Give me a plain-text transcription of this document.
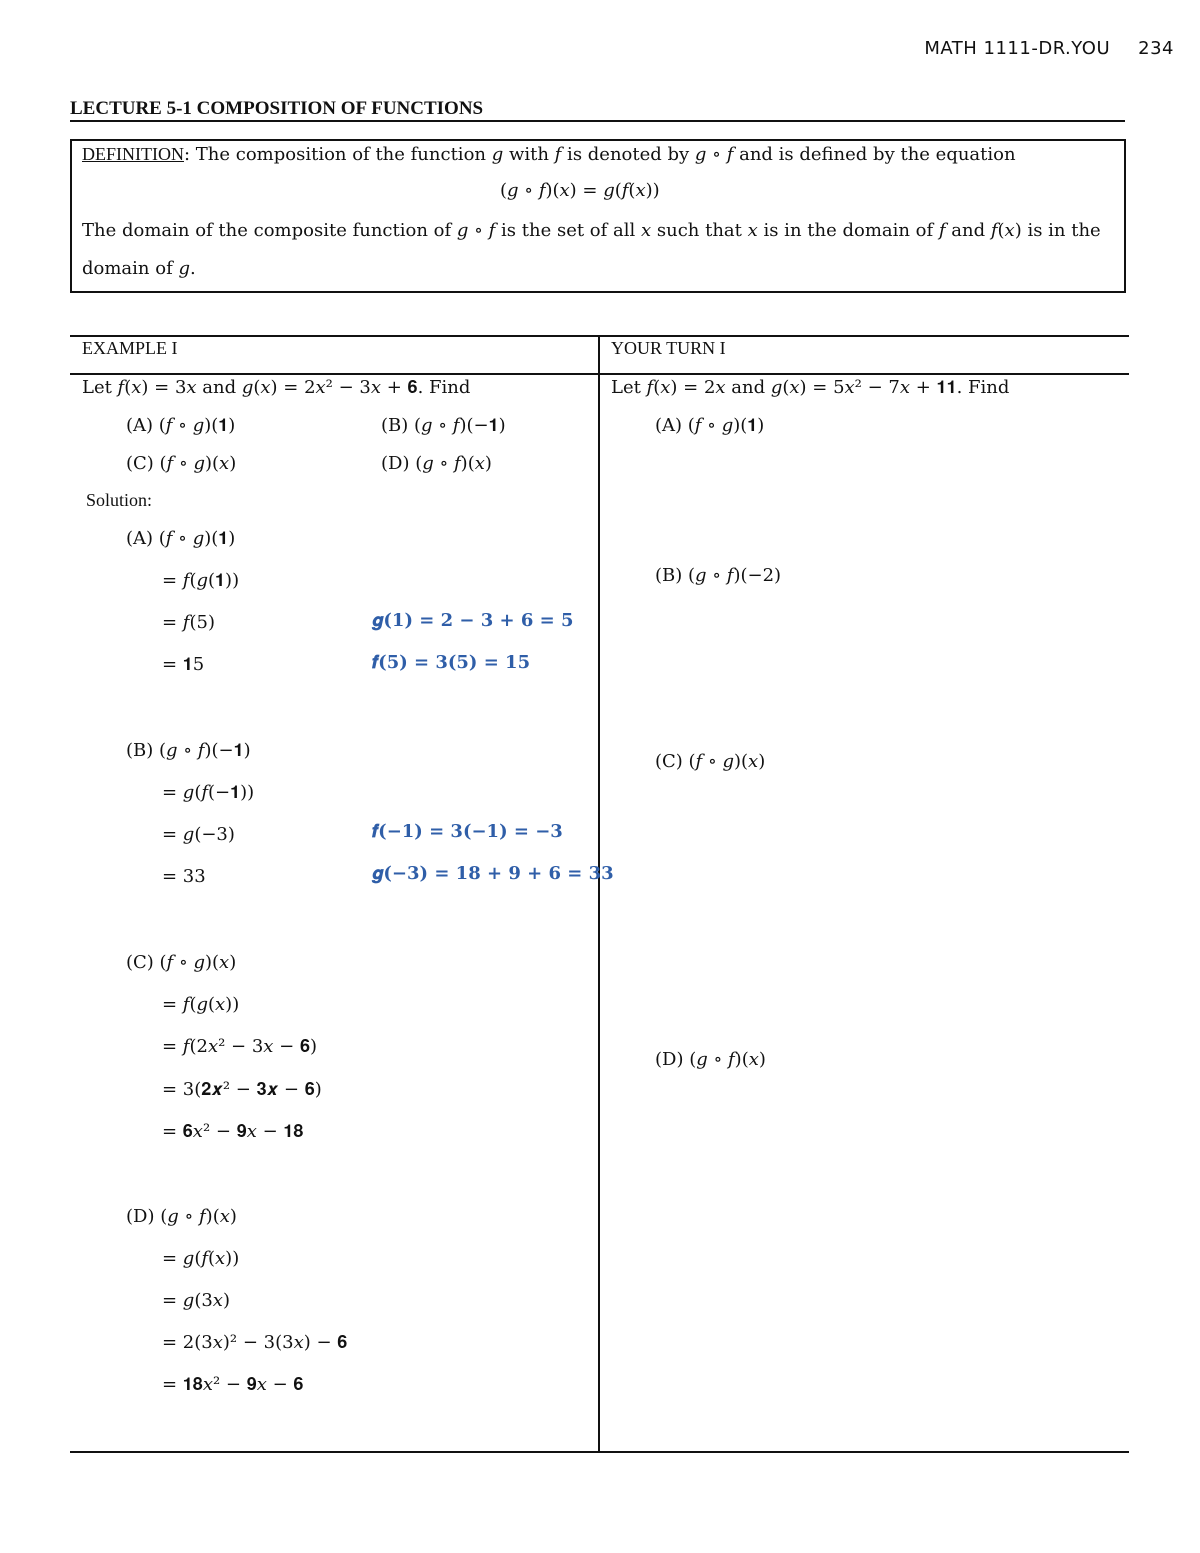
MATH 1111-DR.YOU 234
LECTURE 5-1 COMPOSITION OF FUNCTIONS
DEFINITION: The composition of the function 𝑔 with 𝑓 is denoted by 𝑔 ∘ 𝑓 and is defined by the equation
(𝑔 ∘ 𝑓)(𝑥) = 𝑔(𝑓(𝑥))
The domain of the composite function of 𝑔 ∘ 𝑓 is the set of all 𝑥 such that 𝑥 is in the domain of 𝑓 and 𝑓(𝑥) is in the
domain of 𝑔.
EXAMPLE I	YOUR TURN I
Let 𝑓(𝑥) = 3𝑥 and 𝑔(𝑥) = 2𝑥² − 3𝑥 + 𝟔. Find
(A) (𝑓 ∘ 𝑔)(𝟏)	(B) (𝑔 ∘ 𝑓)(−𝟏)
(C) (𝑓 ∘ 𝑔)(𝑥)	(D) (𝑔 ∘ 𝑓)(𝑥)
Solution:
(A) (𝑓 ∘ 𝑔)(𝟏)
= 𝑓(𝑔(𝟏))
= 𝑓(5)
= 𝟏5
𝒈(𝟏) = 𝟐 − 𝟑 + 𝟔 = 𝟓
𝒇(𝟓) = 𝟑(𝟓) = 𝟏𝟓
(B) (𝑔 ∘ 𝑓)(−𝟏)
= 𝑔(𝑓(−𝟏))
= 𝑔(−3)
= 33
𝒇(−𝟏) = 𝟑(−𝟏) = −𝟑
𝒈(−𝟑) = 𝟏𝟖 + 𝟗 + 𝟔 = 𝟑𝟑
(C) (𝑓 ∘ 𝑔)(𝑥)
= 𝑓(𝑔(𝑥))
= 𝑓(2𝑥² − 3𝑥 − 𝟔)
= 3(𝟐𝒙² − 𝟑𝒙 − 𝟔)
= 𝟔𝑥² − 𝟗𝑥 − 𝟏𝟖
(D) (𝑔 ∘ 𝑓)(𝑥)
= 𝑔(𝑓(𝑥))
= 𝑔(3𝑥)
= 2(3𝑥)² − 3(3𝑥) − 𝟔
= 𝟏𝟖𝑥² − 𝟗𝑥 − 𝟔
Let 𝑓(𝑥) = 2𝑥 and 𝑔(𝑥) = 5𝑥² − 7𝑥 + 𝟏𝟏. Find
(A) (𝑓 ∘ 𝑔)(𝟏)
(B) (𝑔 ∘ 𝑓)(−2)
(C) (𝑓 ∘ 𝑔)(𝑥)
(D) (𝑔 ∘ 𝑓)(𝑥)
